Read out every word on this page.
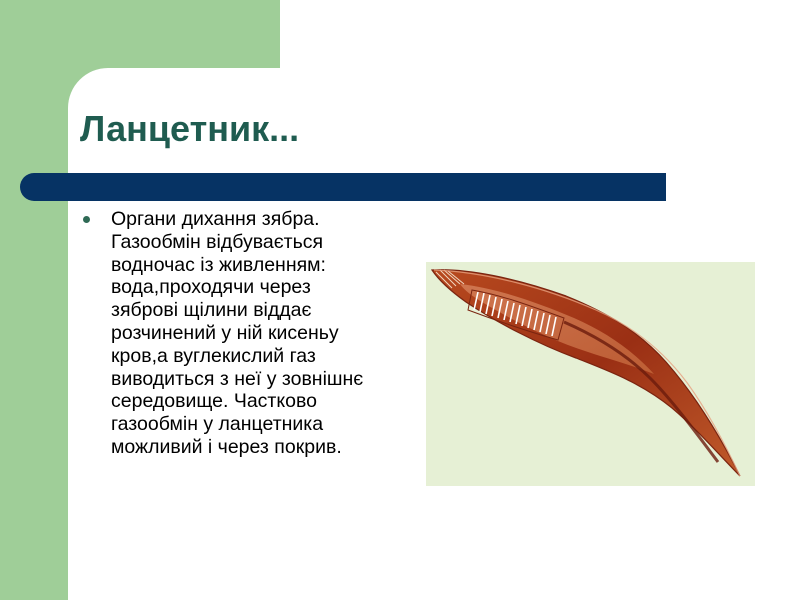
Ланцетник...
Органи дихання зябра. Газообмін відбувається водночас із живленням: вода,проходячи через зяброві щілини віддає розчинений у ній кисеньу кров,а вуглекислий газ виводиться з неї у зовнішнє середовище. Частково газообмін у ланцетника можливий і через покрив.
